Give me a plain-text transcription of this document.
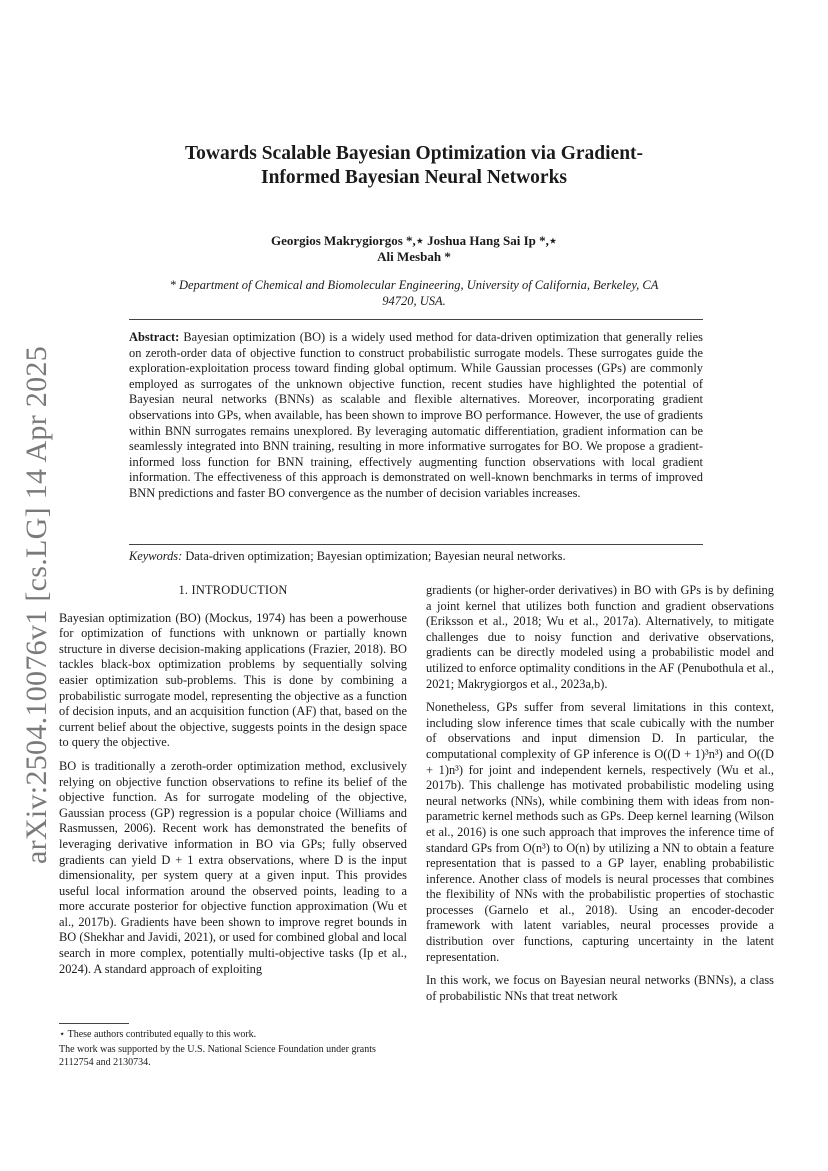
arXiv:2504.10076v1 [cs.LG] 14 Apr 2025
Towards Scalable Bayesian Optimization via Gradient-Informed Bayesian Neural Networks
Georgios Makrygiorgos *,⋆ Joshua Hang Sai Ip *,⋆
Ali Mesbah *
* Department of Chemical and Biomolecular Engineering, University of California, Berkeley, CA 94720, USA.

Abstract: Bayesian optimization (BO) is a widely used method for data-driven optimization that generally relies on zeroth-order data of objective function to construct probabilistic surrogate models. These surrogates guide the exploration-exploitation process toward finding global optimum. While Gaussian processes (GPs) are commonly employed as surrogates of the unknown objective function, recent studies have highlighted the potential of Bayesian neural networks (BNNs) as scalable and flexible alternatives. Moreover, incorporating gradient observations into GPs, when available, has been shown to improve BO performance. However, the use of gradients within BNN surrogates remains unexplored. By leveraging automatic differentiation, gradient information can be seamlessly integrated into BNN training, resulting in more informative surrogates for BO. We propose a gradient-informed loss function for BNN training, effectively augmenting function observations with local gradient information. The effectiveness of this approach is demonstrated on well-known benchmarks in terms of improved BNN predictions and faster BO convergence as the number of decision variables increases.

Keywords: Data-driven optimization; Bayesian optimization; Bayesian neural networks.

1. INTRODUCTION

Bayesian optimization (BO) (Mockus, 1974) has been a powerhouse for optimization of functions with unknown or partially known structure in diverse decision-making applications (Frazier, 2018). BO tackles black-box optimization problems by sequentially solving easier optimization sub-problems. This is done by combining a probabilistic surrogate model, representing the objective as a function of decision inputs, and an acquisition function (AF) that, based on the current belief about the objective, suggests points in the design space to query the objective.

BO is traditionally a zeroth-order optimization method, exclusively relying on objective function observations to refine its belief of the objective function. As for surrogate modeling of the objective, Gaussian process (GP) regression is a popular choice (Williams and Rasmussen, 2006). Recent work has demonstrated the benefits of leveraging derivative information in BO via GPs; fully observed gradients can yield D + 1 extra observations, where D is the input dimensionality, per system query at a given input. This provides useful local information around the observed points, leading to a more accurate posterior for objective function approximation (Wu et al., 2017b). Gradients have been shown to improve regret bounds in BO (Shekhar and Javidi, 2021), or used for combined global and local search in more complex, potentially multi-objective tasks (Ip et al., 2024). A standard approach of exploiting

gradients (or higher-order derivatives) in BO with GPs is by defining a joint kernel that utilizes both function and gradient observations (Eriksson et al., 2018; Wu et al., 2017a). Alternatively, to mitigate challenges due to noisy function and derivative observations, gradients can be directly modeled using a probabilistic model and utilized to enforce optimality conditions in the AF (Penubothula et al., 2021; Makrygiorgos et al., 2023a,b).

Nonetheless, GPs suffer from several limitations in this context, including slow inference times that scale cubically with the number of observations and input dimension D. In particular, the computational complexity of GP inference is O((D + 1)³n³) and O((D + 1)n³) for joint and independent kernels, respectively (Wu et al., 2017b). This challenge has motivated probabilistic modeling using neural networks (NNs), while combining them with ideas from non-parametric kernel methods such as GPs. Deep kernel learning (Wilson et al., 2016) is one such approach that improves the inference time of standard GPs from O(n³) to O(n) by utilizing a NN to obtain a feature representation that is passed to a GP layer, enabling probabilistic inference. Another class of models is neural processes that combines the flexibility of NNs with the probabilistic properties of stochastic processes (Garnelo et al., 2018). Using an encoder-decoder framework with latent variables, neural processes provide a distribution over functions, capturing uncertainty in the latent representation.

In this work, we focus on Bayesian neural networks (BNNs), a class of probabilistic NNs that treat network

⋆ These authors contributed equally to this work.

The work was supported by the U.S. National Science Foundation under grants 2112754 and 2130734.
